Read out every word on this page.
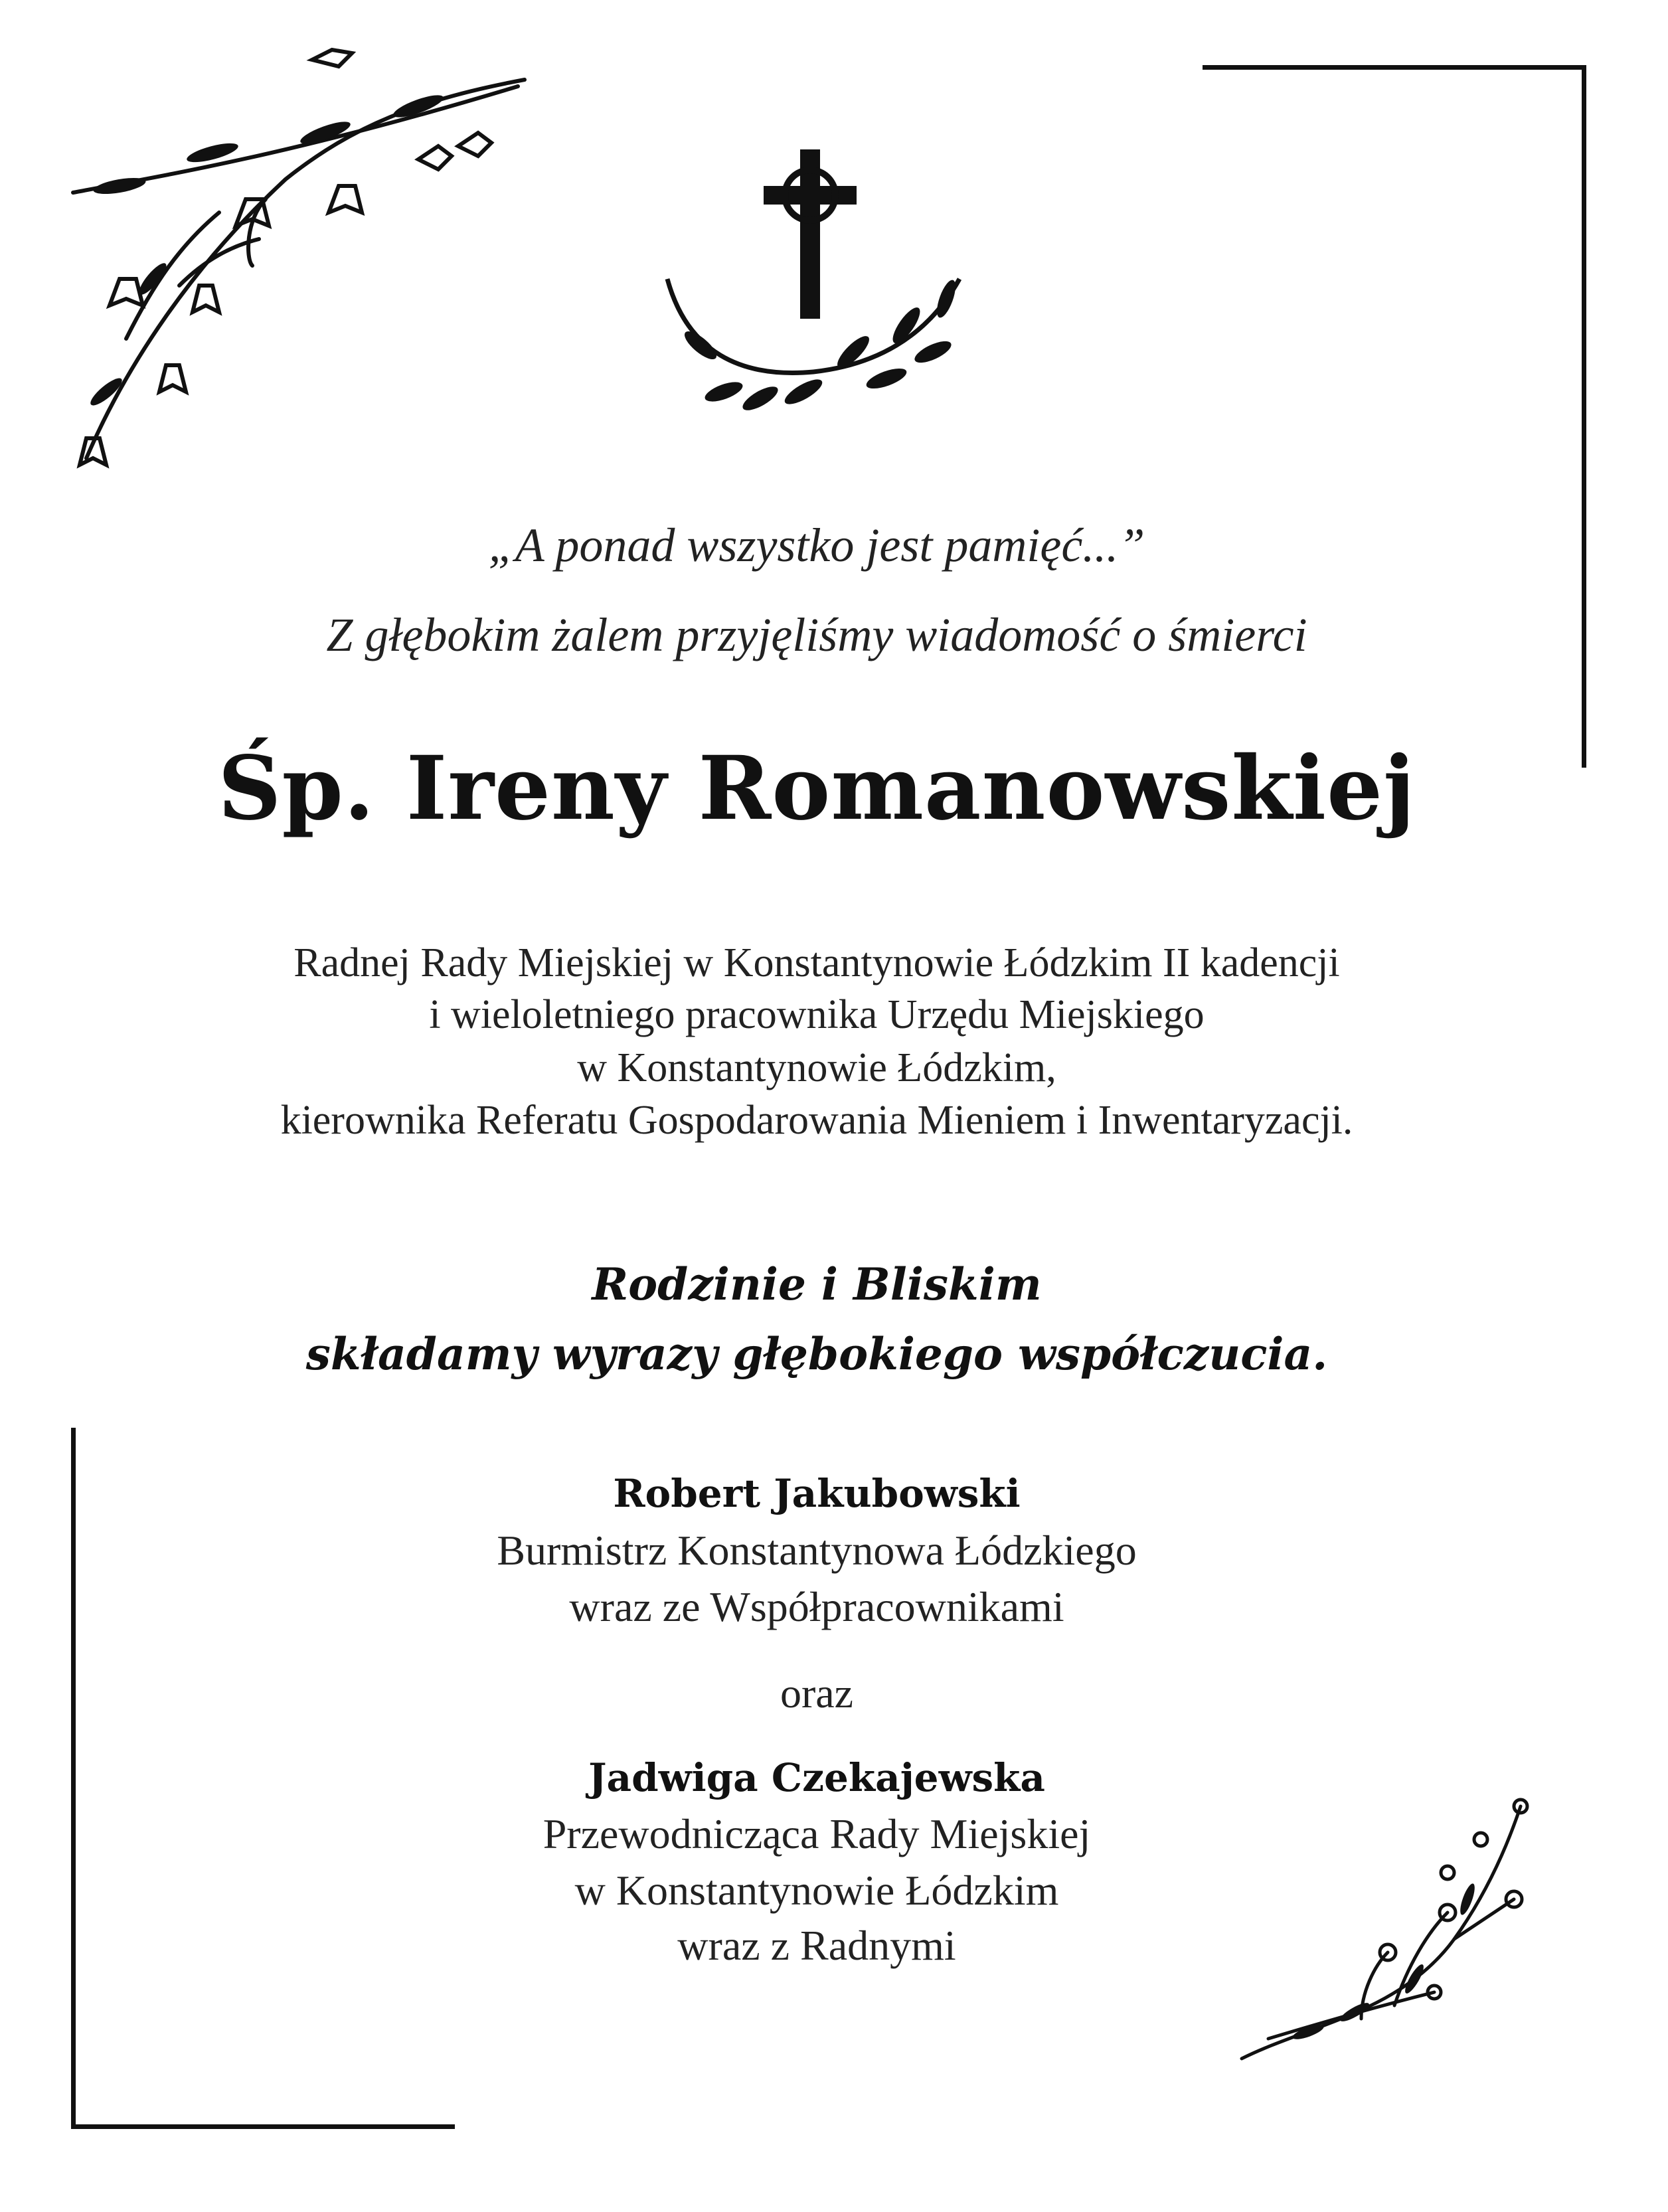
„A ponad wszystko jest pamięć...”
Z głębokim żalem przyjęliśmy wiadomość o śmierci
Śp. Ireny Romanowskiej
Radnej Rady Miejskiej w Konstantynowie Łódzkim II kadencji
i wieloletniego pracownika Urzędu Miejskiego
w Konstantynowie Łódzkim,
kierownika Referatu Gospodarowania Mieniem i Inwentaryzacji.
Rodzinie i Bliskim
składamy wyrazy głębokiego współczucia.
Robert Jakubowski
Burmistrz Konstantynowa Łódzkiego
wraz ze Współpracownikami
oraz
Jadwiga Czekajewska
Przewodnicząca Rady Miejskiej
w Konstantynowie Łódzkim
wraz z Radnymi
